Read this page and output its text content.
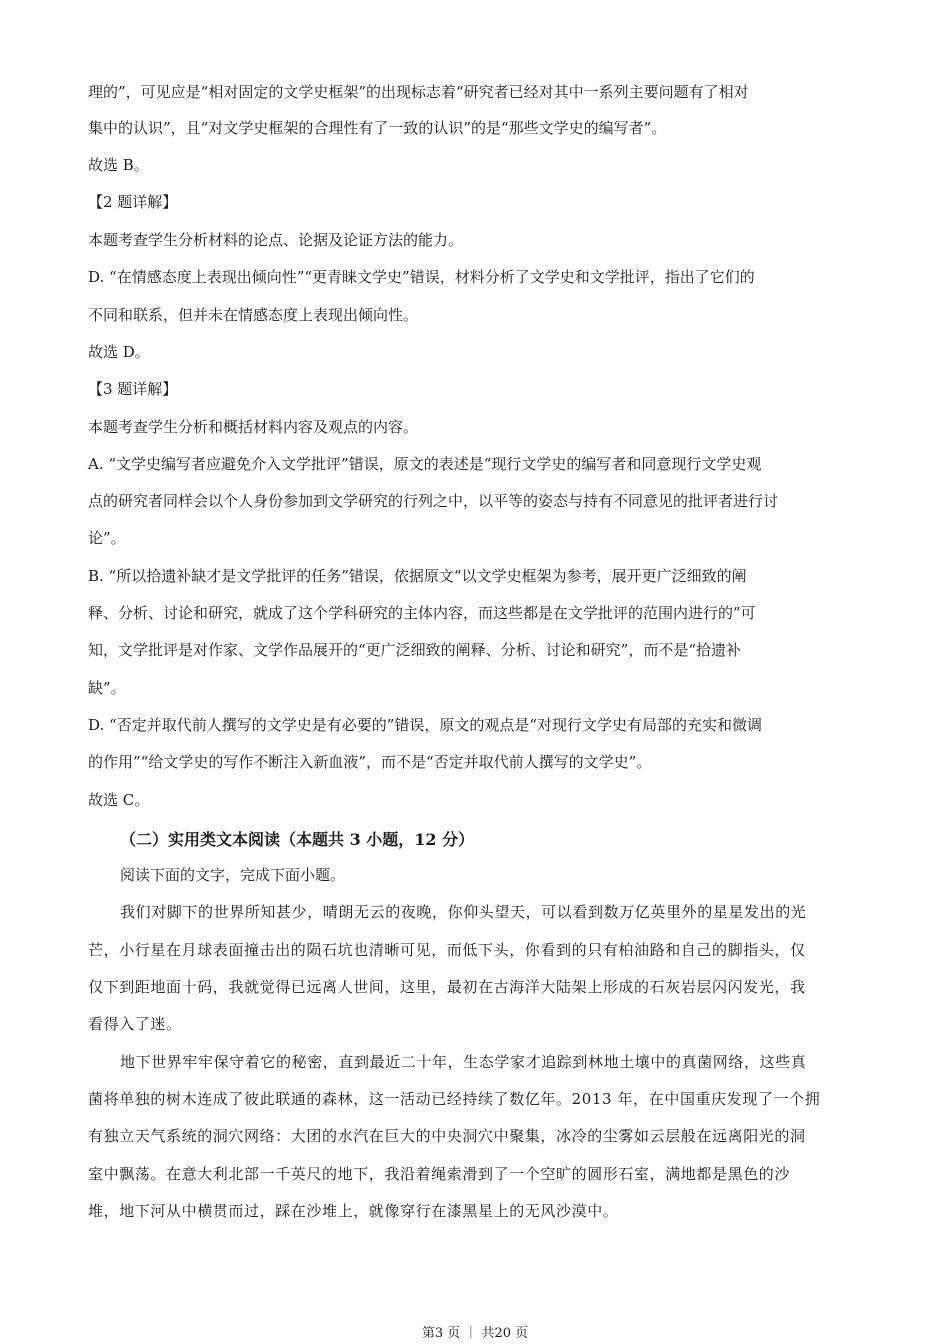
理的”，可见应是“相对固定的文学史框架”的出现标志着“研究者已经对其中一系列主要问题有了相对
集中的认识”，且“对文学史框架的合理性有了一致的认识”的是“那些文学史的编写者”。
故选 B。
【2 题详解】
本题考查学生分析材料的论点、论据及论证方法的能力。
D. “在情感态度上表现出倾向性”“更青睐文学史”错误，材料分析了文学史和文学批评，指出了它们的
不同和联系，但并未在情感态度上表现出倾向性。
故选 D。
【3 题详解】
本题考查学生分析和概括材料内容及观点的内容。
A. “文学史编写者应避免介入文学批评”错误，原文的表述是“现行文学史的编写者和同意现行文学史观
点的研究者同样会以个人身份参加到文学研究的行列之中，以平等的姿态与持有不同意见的批评者进行讨
论”。
B. “所以拾遗补缺才是文学批评的任务”错误，依据原文“以文学史框架为参考，展开更广泛细致的阐
释、分析、讨论和研究，就成了这个学科研究的主体内容，而这些都是在文学批评的范围内进行的”可
知，文学批评是对作家、文学作品展开的“更广泛细致的阐释、分析、讨论和研究”，而不是“拾遗补
缺”。
D. “否定并取代前人撰写的文学史是有必要的”错误，原文的观点是“对现行文学史有局部的充实和微调
的作用”“给文学史的写作不断注入新血液”，而不是“否定并取代前人撰写的文学史”。
故选 C。
（二）实用类文本阅读（本题共 3 小题，12 分）
阅读下面的文字，完成下面小题。
我们对脚下的世界所知甚少，晴朗无云的夜晚，你仰头望天，可以看到数万亿英里外的星星发出的光
芒，小行星在月球表面撞击出的陨石坑也清晰可见，而低下头，你看到的只有柏油路和自己的脚指头，仅
仅下到距地面十码，我就觉得已远离人世间，这里，最初在古海洋大陆架上形成的石灰岩层闪闪发光，我
看得入了迷。
地下世界牢牢保守着它的秘密，直到最近二十年，生态学家才追踪到林地土壤中的真菌网络，这些真
菌将单独的树木连成了彼此联通的森林，这一活动已经持续了数亿年。2013 年，在中国重庆发现了一个拥
有独立天气系统的洞穴网络：大团的水汽在巨大的中央洞穴中聚集，冰冷的尘雾如云层般在远离阳光的洞
室中飘荡。在意大利北部一千英尺的地下，我沿着绳索滑到了一个空旷的圆形石室，满地都是黑色的沙
堆，地下河从中横贯而过，踩在沙堆上，就像穿行在漆黑星上的无风沙漠中。
第3 页 ｜ 共20 页
